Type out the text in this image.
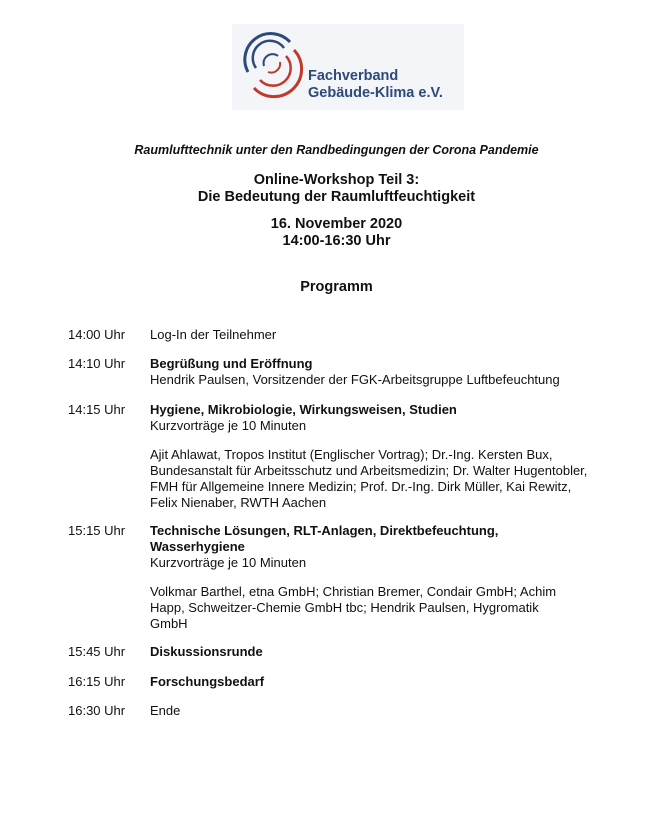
Fachverband
Gebäude-Klima e.V.
Raumlufttechnik unter den Randbedingungen der Corona Pandemie
Online-Workshop Teil 3:
Die Bedeutung der Raumluftfeuchtigkeit
16. November 2020
14:00-16:30 Uhr
Programm
14:00 Uhr Log-In der Teilnehmer

14:10 Uhr Begrüßung und Eröffnung

Hendrik Paulsen, Vorsitzender der FGK-Arbeitsgruppe Luftbefeuchtung

14:15 Uhr Hygiene, Mikrobiologie, Wirkungsweisen, Studien

Kurzvorträge je 10 Minuten

Ajit Ahlawat, Tropos Institut (Englischer Vortrag); Dr.-Ing. Kersten Bux, Bundesanstalt für Arbeitsschutz und Arbeitsmedizin; Dr. Walter Hugentobler, FMH für Allgemeine Innere Medizin; Prof. Dr.-Ing. Dirk Müller, Kai Rewitz, Felix Nienaber, RWTH Aachen

15:15 Uhr Technische Lösungen, RLT-Anlagen, Direktbefeuchtung, Wasserhygiene

Kurzvorträge je 10 Minuten

Volkmar Barthel, etna GmbH; Christian Bremer, Condair GmbH; Achim Happ, Schweitzer-Chemie GmbH tbc; Hendrik Paulsen, Hygromatik GmbH

15:45 Uhr Diskussionsrunde

16:15 Uhr Forschungsbedarf

16:30 Uhr Ende
